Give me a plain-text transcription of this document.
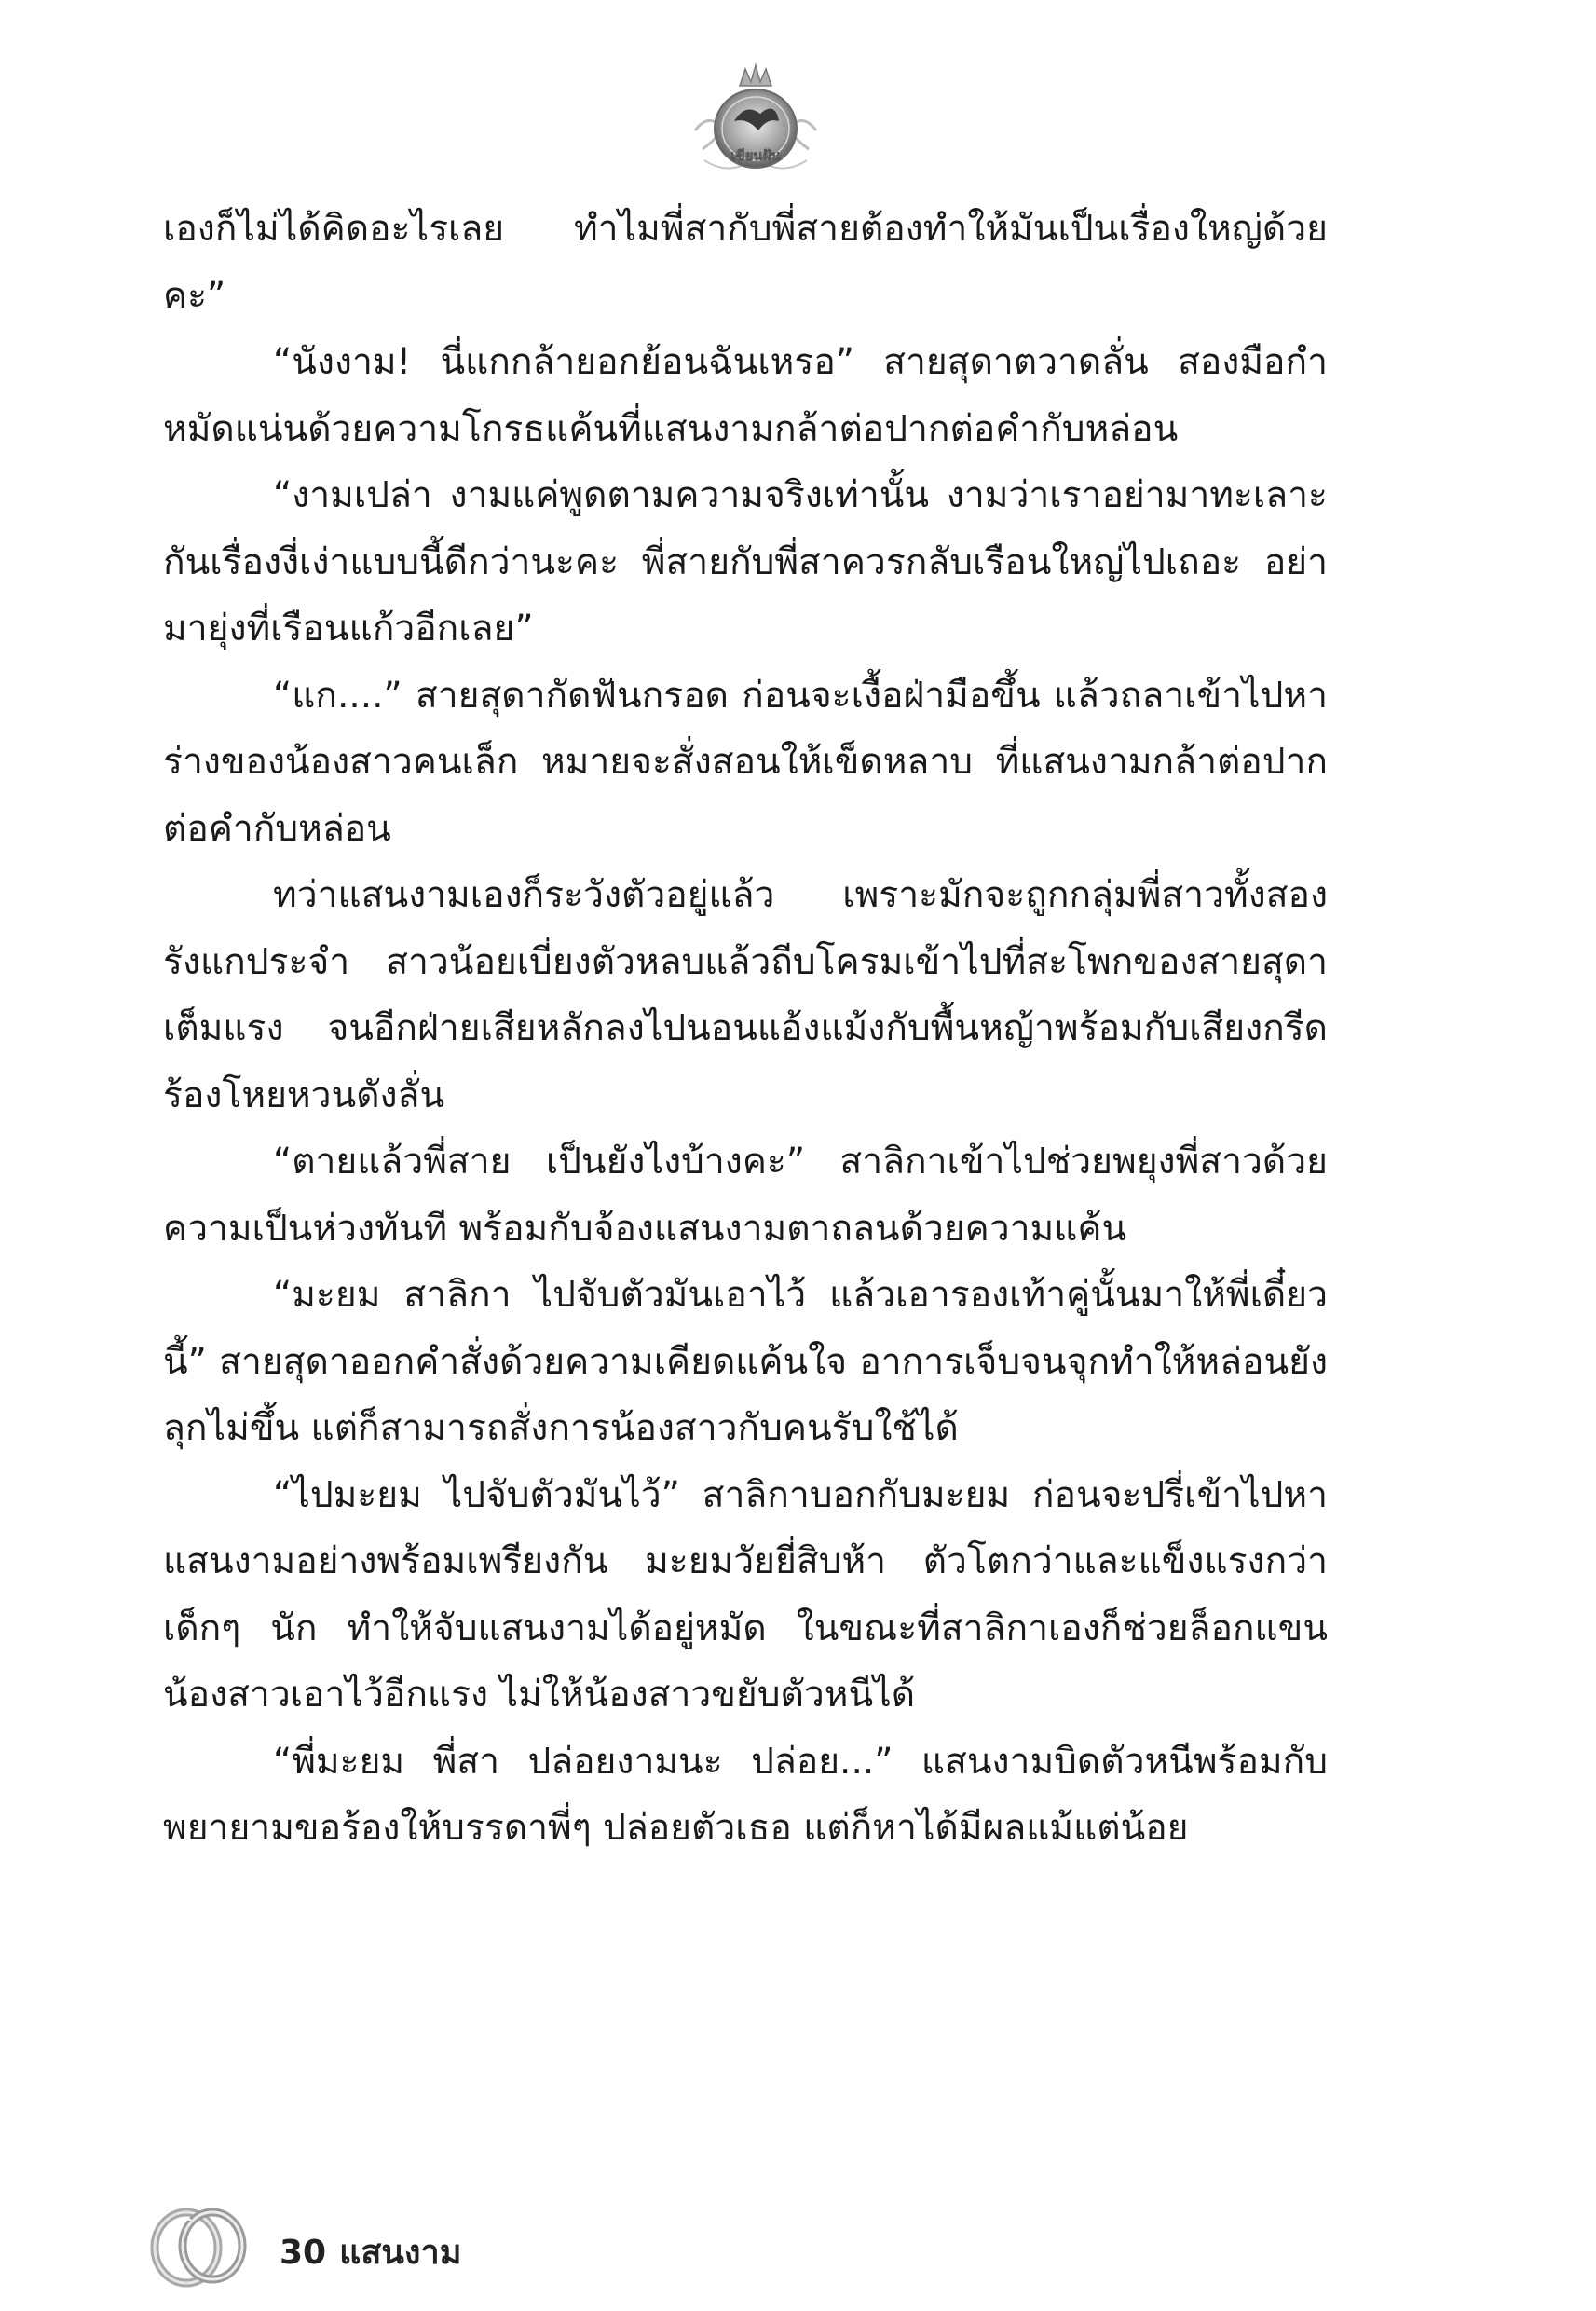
เขียนฝัน

เองก็ไม่ได้คิดอะไรเลย ทำไมพี่สากับพี่สายต้องทำให้มันเป็นเรื่องใหญ่ด้วยคะ”

“นังงาม! นี่แกกล้ายอกย้อนฉันเหรอ” สายสุดาตวาดลั่น สองมือกำหมัดแน่นด้วยความโกรธแค้นที่แสนงามกล้าต่อปากต่อคำกับหล่อน

“งามเปล่า งามแค่พูดตามความจริงเท่านั้น งามว่าเราอย่ามาทะเลาะกันเรื่องงี่เง่าแบบนี้ดีกว่านะคะ พี่สายกับพี่สาควรกลับเรือนใหญ่ไปเถอะ อย่ามายุ่งที่เรือนแก้วอีกเลย”

“แก....” สายสุดากัดฟันกรอด ก่อนจะเงื้อฝ่ามือขึ้น แล้วถลาเข้าไปหาร่างของน้องสาวคนเล็ก หมายจะสั่งสอนให้เข็ดหลาบ ที่แสนงามกล้าต่อปากต่อคำกับหล่อน

ทว่าแสนงามเองก็ระวังตัวอยู่แล้ว เพราะมักจะถูกกลุ่มพี่สาวทั้งสองรังแกประจำ สาวน้อยเบี่ยงตัวหลบแล้วถีบโครมเข้าไปที่สะโพกของสายสุดาเต็มแรง จนอีกฝ่ายเสียหลักลงไปนอนแอ้งแม้งกับพื้นหญ้าพร้อมกับเสียงกรีดร้องโหยหวนดังลั่น

“ตายแล้วพี่สาย เป็นยังไงบ้างคะ” สาลิกาเข้าไปช่วยพยุงพี่สาวด้วยความเป็นห่วงทันที พร้อมกับจ้องแสนงามตาถลนด้วยความแค้น

“มะยม สาลิกา ไปจับตัวมันเอาไว้ แล้วเอารองเท้าคู่นั้นมาให้พี่เดี๋ยวนี้” สายสุดาออกคำสั่งด้วยความเคียดแค้นใจ อาการเจ็บจนจุกทำให้หล่อนยังลุกไม่ขึ้น แต่ก็สามารถสั่งการน้องสาวกับคนรับใช้ได้

“ไปมะยม ไปจับตัวมันไว้” สาลิกาบอกกับมะยม ก่อนจะปรี่เข้าไปหาแสนงามอย่างพร้อมเพรียงกัน มะยมวัยยี่สิบห้า ตัวโตกว่าและแข็งแรงกว่าเด็กๆ นัก ทำให้จับแสนงามได้อยู่หมัด ในขณะที่สาลิกาเองก็ช่วยล็อกแขนน้องสาวเอาไว้อีกแรง ไม่ให้น้องสาวขยับตัวหนีได้

“พี่มะยม พี่สา ปล่อยงามนะ ปล่อย...” แสนงามบิดตัวหนีพร้อมกับพยายามขอร้องให้บรรดาพี่ๆ ปล่อยตัวเธอ แต่ก็หาได้มีผลแม้แต่น้อย

30 แสนงาม
